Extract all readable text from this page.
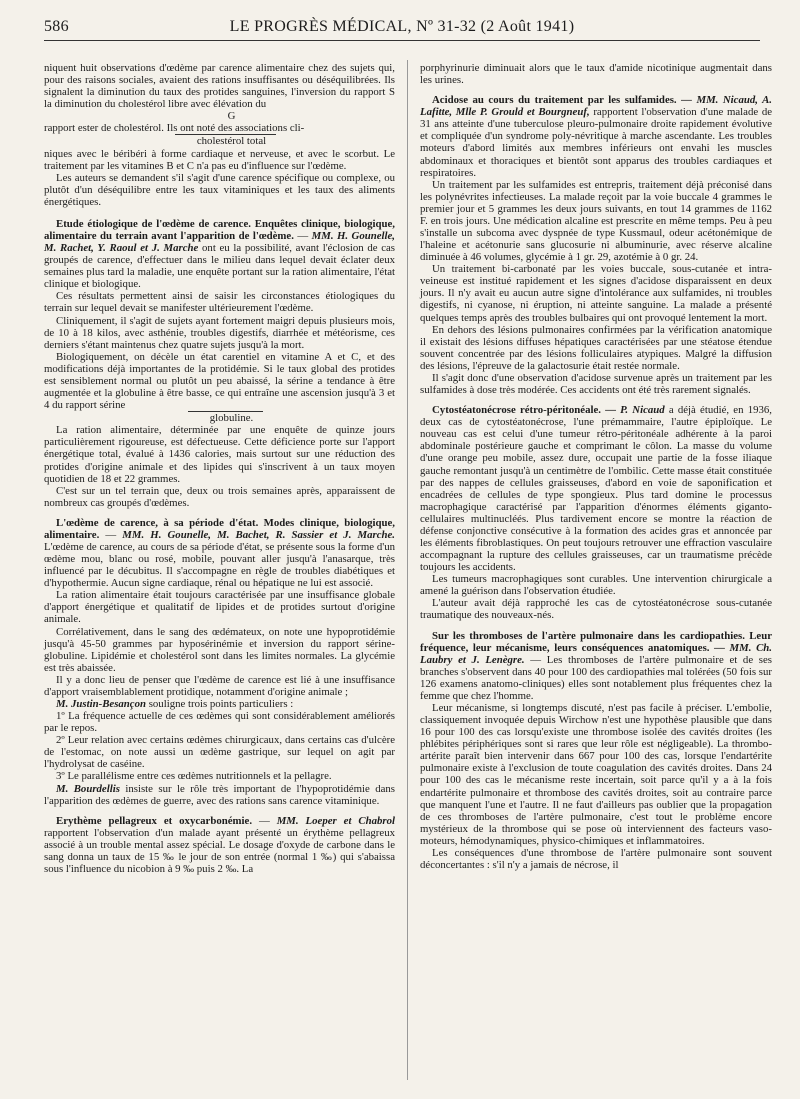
586	LE PROGRÈS MÉDICAL, Nº 31-32 (2 Août 1941)

niquent huit observations d'œdème par carence alimentaire chez des sujets qui, pour des raisons sociales, avaient des rations insuffisantes ou déséquilibrées. Ils signalent la diminution du taux des protides sanguines, l'inversion du rapport S la diminution du cholestérol libre avec élévation du

G

rapport ester de cholestérol. Ils ont noté des associations cli-

cholestérol total

niques avec le béribéri à forme cardiaque et nerveuse, et avec le scorbut. Le traitement par les vitamines B et C n'a pas eu d'influence sur l'œdème.

Les auteurs se demandent s'il s'agit d'une carence spécifique ou complexe, ou plutôt d'un déséquilibre entre les taux vitaminiques et les taux des aliments énergétiques.

Etude étiologique de l'œdème de carence. Enquêtes clinique, biologique, alimentaire du terrain avant l'apparition de l'œdème. — MM. H. Gounelle, M. Rachet, Y. Raoul et J. Marche ont eu la possibilité, avant l'éclosion de cas groupés de carence, d'effectuer dans le milieu dans lequel devait éclater deux semaines plus tard la maladie, une enquête portant sur la ration alimentaire, l'état clinique et biologique.

Ces résultats permettent ainsi de saisir les circonstances étiologiques du terrain sur lequel devait se manifester ultérieurement l'œdème.

Cliniquement, il s'agit de sujets ayant fortement maigri depuis plusieurs mois, de 10 à 18 kilos, avec asthénie, troubles digestifs, diarrhée et météorisme, ces derniers s'étant maintenus chez quatre sujets jusqu'à la mort.

Biologiquement, on décèle un état carentiel en vitamine A et C, et des modifications déjà importantes de la protidémie. Si le taux global des protides est sensiblement normal ou plutôt un peu abaissé, la sérine a tendance à être augmentée et la globuline à être basse, ce qui entraîne une ascension jusqu'à 3 et 4 du rapport sérine

globuline.

La ration alimentaire, déterminée par une enquête de quinze jours particulièrement rigoureuse, est défectueuse. Cette déficience porte sur l'apport énergétique total, évalué à 1436 calories, mais surtout sur une réduction des protides d'origine animale et des lipides qui s'inscrivent à un taux moyen quotidien de 18 et 22 grammes.

C'est sur un tel terrain que, deux ou trois semaines après, apparaissent de nombreux cas groupés d'œdèmes.

L'œdème de carence, à sa période d'état. Modes clinique, biologique, alimentaire. — MM. H. Gounelle, M. Bachet, R. Sassier et J. Marche. L'œdème de carence, au cours de sa période d'état, se présente sous la forme d'un œdème mou, blanc ou rosé, mobile, pouvant aller jusqu'à l'anasarque, très influencé par le décubitus. Il s'accompagne en règle de troubles diabétiques et d'hypothermie. Aucun signe cardiaque, rénal ou hépatique ne lui est associé.

La ration alimentaire était toujours caractérisée par une insuffisance globale d'apport énergétique et qualitatif de lipides et de protides surtout d'origine animale.

Corrélativement, dans le sang des œdémateux, on note une hypoprotidémie jusqu'à 45-50 grammes par hyposérinémie et inversion du rapport sérine-globuline. Lipidémie et cholestérol sont dans les limites normales. La glycémie est très abaissée.

Il y a donc lieu de penser que l'œdème de carence est lié à une insuffisance d'apport vraisemblablement protidique, notamment d'origine animale ;

M. Justin-Besançon souligne trois points particuliers :

1º La fréquence actuelle de ces œdèmes qui sont considérablement améliorés par le repos.

2º Leur relation avec certains œdèmes chirurgicaux, dans certains cas d'ulcère de l'estomac, on note aussi un œdème gastrique, sur lequel on agit par l'hydrolysat de caséine.

3º Le parallélisme entre ces œdèmes nutritionnels et la pellagre.

M. Bourdellis insiste sur le rôle très important de l'hypoprotidémie dans l'apparition des œdèmes de guerre, avec des rations sans carence vitaminique.

Erythème pellagreux et oxycarbonémie. — MM. Loeper et Chabrol rapportent l'observation d'un malade ayant présenté un érythème pellagreux associé à un trouble mental assez spécial. Le dosage d'oxyde de carbone dans le sang donna un taux de 15 ‰ le jour de son entrée (normal 1 ‰) qui s'abaissa sous l'influence du nicobion à 9 ‰ puis 2 ‰. La

porphyrinurie diminuait alors que le taux d'amide nicotinique augmentait dans les urines.

Acidose au cours du traitement par les sulfamides. — MM. Nicaud, A. Lafitte, Mlle P. Grould et Bourgneuf, rapportent l'observation d'une malade de 31 ans atteinte d'une tuberculose pleuro-pulmonaire droite rapidement évolutive et compliquée d'un syndrome poly-névritique à marche ascendante. Les troubles moteurs d'abord limités aux membres inférieurs ont envahi les muscles abdominaux et thoraciques et bientôt sont apparus des troubles cardiaques et respiratoires.

Un traitement par les sulfamides est entrepris, traitement déjà préconisé dans les polynévrites infectieuses. La malade reçoit par la voie buccale 4 grammes le premier jour et 5 grammes les deux jours suivants, en tout 14 grammes de 1162 F. en trois jours. Une médication alcaline est prescrite en même temps. Peu à peu s'installe un subcoma avec dyspnée de type Kussmaul, odeur acétonémique de l'haleine et acétonurie sans glucosurie ni albuminurie, avec réserve alcaline diminuée à 46 volumes, glycémie à 1 gr. 29, azotémie à 0 gr. 24.

Un traitement bi-carbonaté par les voies buccale, sous-cutanée et intra-veineuse est institué rapidement et les signes d'acidose disparaissent en deux jours. Il n'y avait eu aucun autre signe d'intolérance aux sulfamides, ni troubles digestifs, ni cyanose, ni éruption, ni atteinte sanguine. La malade a présenté quelques temps après des troubles bulbaires qui ont provoqué lentement la mort.

En dehors des lésions pulmonaires confirmées par la vérification anatomique il existait des lésions diffuses hépatiques caractérisées par une stéatose étendue souvent concentrée par des lésions folliculaires atypiques. Malgré la diffusion des lésions, l'épreuve de la galactosurie était restée normale.

Il s'agit donc d'une observation d'acidose survenue après un traitement par les sulfamides à dose très modérée. Ces accidents ont été très rarement signalés.

Cytostéatonécrose rétro-péritonéale. — P. Nicaud a déjà étudié, en 1936, deux cas de cytostéatonécrose, l'une prémammaire, l'autre épiploïque. Le nouveau cas est celui d'une tumeur rétro-péritonéale adhérente à la paroi abdominale postérieure gauche et comprimant le côlon. La masse du volume d'une orange peu mobile, assez dure, occupait une partie de la fosse iliaque gauche remontant jusqu'à un centimètre de l'ombilic. Cette masse était constituée par des nappes de cellules graisseuses, d'abord en voie de saponification et encadrées de cellules de type spongieux. Plus tard domine le processus macrophagique caractérisé par l'apparition d'énormes éléments giganto-cellulaires multinucléés. Plus tardivement encore se montre la réaction de défense conjonctive consécutive à la formation des acides gras et annoncée par les éléments fibroblastiques. On peut toujours retrouver une effraction vasculaire accompagnant la rupture des cellules graisseuses, car un traumatisme précède toujours les accidents.

Les tumeurs macrophagiques sont curables. Une intervention chirurgicale a amené la guérison dans l'observation étudiée.

L'auteur avait déjà rapproché les cas de cytostéatonécrose sous-cutanée traumatique des nouveaux-nés.

Sur les thromboses de l'artère pulmonaire dans les cardiopathies. Leur fréquence, leur mécanisme, leurs conséquences anatomiques. — MM. Ch. Laubry et J. Lenègre. — Les thromboses de l'artère pulmonaire et de ses branches s'observent dans 40 pour 100 des cardiopathies mal tolérées (50 fois sur 126 examens anatomo-cliniques) elles sont notablement plus fréquentes chez la femme que chez l'homme.

Leur mécanisme, si longtemps discuté, n'est pas facile à préciser. L'embolie, classiquement invoquée depuis Wirchow n'est une hypothèse plausible que dans 16 pour 100 des cas lorsqu'existe une thrombose isolée des cavités droites (les phlébites périphériques sont si rares que leur rôle est négligeable). La thrombo-artérite paraît bien intervenir dans 667 pour 100 des cas, lorsque l'endartérite pulmonaire existe à l'exclusion de toute coagulation des cavités droites. Dans 24 pour 100 des cas le mécanisme reste incertain, soit parce qu'il y a à la fois endartérite pulmonaire et thrombose des cavités droites, soit au contraire parce que manquent l'une et l'autre. Il ne faut d'ailleurs pas oublier que la propagation de ces thromboses de l'artère pulmonaire, c'est tout le problème encore mystérieux de la thrombose qui se pose où interviennent des facteurs vaso-moteurs, hémodynamiques, physico-chimiques et inflammatoires.

Les conséquences d'une thrombose de l'artère pulmonaire sont souvent déconcertantes : s'il n'y a jamais de nécrose, il
